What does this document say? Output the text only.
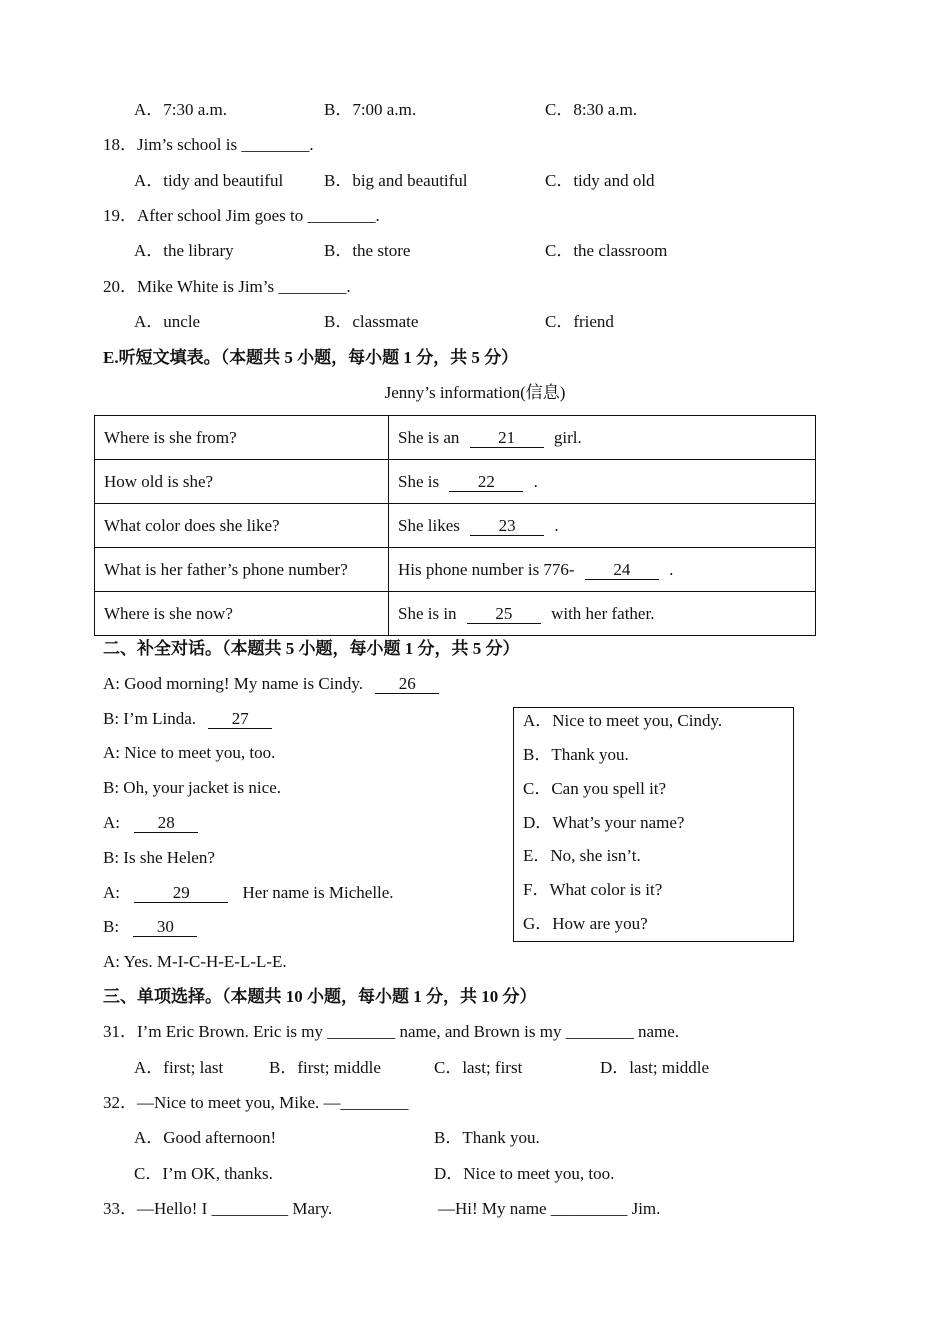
A．7:30 a.m.	B．7:00 a.m.	C．8:30 a.m.
18．Jim’s school is ________.
A．tidy and beautiful B．big and beautiful	C．tidy and old
19．After school Jim goes to ________.
A．the library	B．the store	C．the classroom
20．Mike White is Jim’s ________.
A．uncle	B．classmate	C．friend
E.听短文填表。（本题共 5 小题，每小题 1 分，共 5 分）
Jenny’s information(信息)
Where is she from?	She is an 21 girl.
How old is she?	She is 22 .
What color does she like?	She likes 23 .
What is her father’s phone number?	His phone number is 776- 24 .
Where is she now?	She is in 25 with her father.
二、补全对话。（本题共 5 小题，每小题 1 分，共 5 分）
A: Good morning! My name is Cindy. 26
B: I’m Linda. 27
A: Nice to meet you, too.
B: Oh, your jacket is nice.
A: 28
B: Is she Helen?
A:	29	Her name is Michelle.
B: 30
A: Yes. M-I-C-H-E-L-L-E.
A．Nice to meet you, Cindy.
B．Thank you.
C．Can you spell it?
D．What’s your name?
E．No, she isn’t.
F．What color is it?
G．How are you?
三、单项选择。（本题共 10 小题，每小题 1 分，共 10 分）
31．I’m Eric Brown. Eric is my ________ name, and Brown is my ________ name.
A．first; last	B．first; middle	C．last; first	D．last; middle
32．—Nice to meet you, Mike. —________
A．Good afternoon!	B．Thank you.
C．I’m OK, thanks.	D．Nice to meet you, too.
33．—Hello! I _________ Mary.	—Hi! My name _________ Jim.
